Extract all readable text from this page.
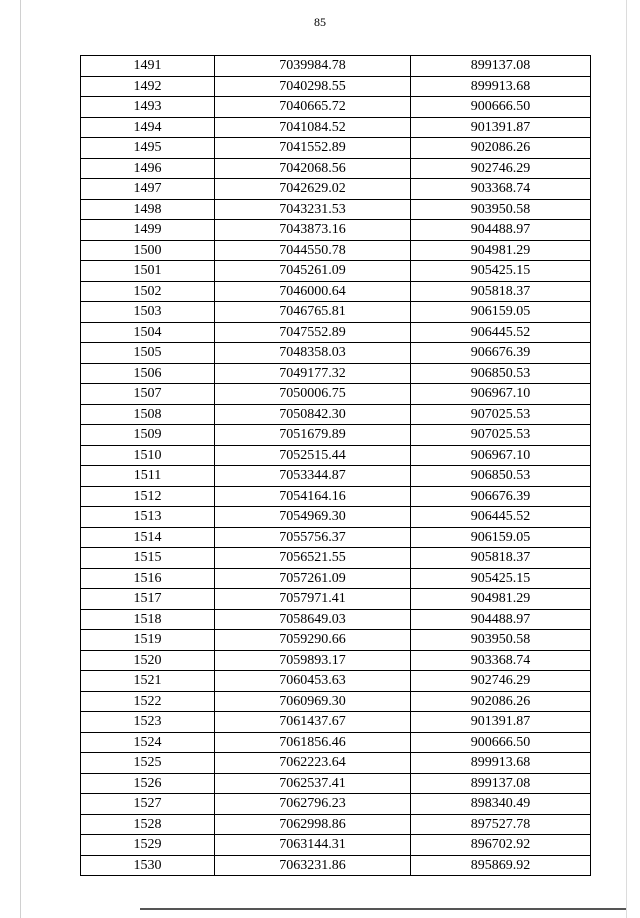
85
1491	7039984.78	899137.08
1492	7040298.55	899913.68
1493	7040665.72	900666.50
1494	7041084.52	901391.87
1495	7041552.89	902086.26
1496	7042068.56	902746.29
1497	7042629.02	903368.74
1498	7043231.53	903950.58
1499	7043873.16	904488.97
1500	7044550.78	904981.29
1501	7045261.09	905425.15
1502	7046000.64	905818.37
1503	7046765.81	906159.05
1504	7047552.89	906445.52
1505	7048358.03	906676.39
1506	7049177.32	906850.53
1507	7050006.75	906967.10
1508	7050842.30	907025.53
1509	7051679.89	907025.53
1510	7052515.44	906967.10
1511	7053344.87	906850.53
1512	7054164.16	906676.39
1513	7054969.30	906445.52
1514	7055756.37	906159.05
1515	7056521.55	905818.37
1516	7057261.09	905425.15
1517	7057971.41	904981.29
1518	7058649.03	904488.97
1519	7059290.66	903950.58
1520	7059893.17	903368.74
1521	7060453.63	902746.29
1522	7060969.30	902086.26
1523	7061437.67	901391.87
1524	7061856.46	900666.50
1525	7062223.64	899913.68
1526	7062537.41	899137.08
1527	7062796.23	898340.49
1528	7062998.86	897527.78
1529	7063144.31	896702.92
1530	7063231.86	895869.92
